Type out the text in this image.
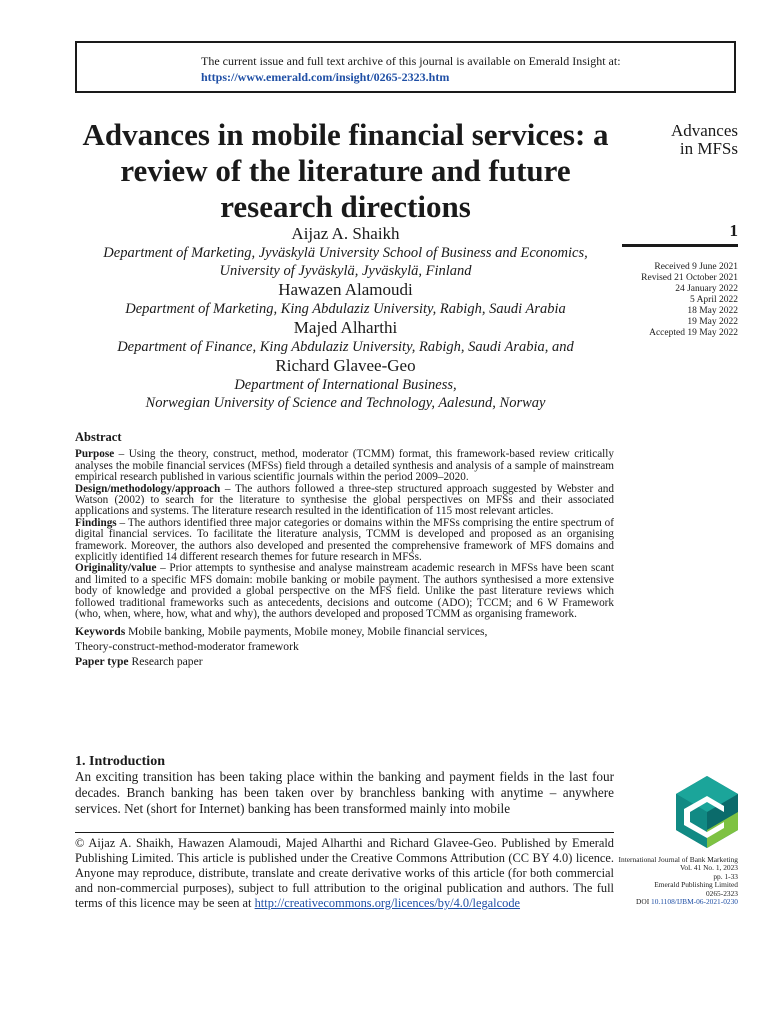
The current issue and full text archive of this journal is available on Emerald Insight at:
https://www.emerald.com/insight/0265-2323.htm
Advances in mobile financial services: a review of the literature and future research directions
Aijaz A. Shaikh
Department of Marketing, Jyväskylä University School of Business and Economics,
University of Jyväskylä, Jyväskylä, Finland
Hawazen Alamoudi
Department of Marketing, King Abdulaziz University, Rabigh, Saudi Arabia
Majed Alharthi
Department of Finance, King Abdulaziz University, Rabigh, Saudi Arabia, and
Richard Glavee-Geo
Department of International Business,
Norwegian University of Science and Technology, Aalesund, Norway
Advances
in MFSs
1
Received 9 June 2021
Revised 21 October 2021
24 January 2022
5 April 2022
18 May 2022
19 May 2022
Accepted 19 May 2022
Abstract

Purpose – Using the theory, construct, method, moderator (TCMM) format, this framework-based review critically analyses the mobile financial services (MFSs) field through a detailed synthesis and analysis of a sample of mainstream empirical research published in various scientific journals within the period 2009–2020.

Design/methodology/approach – The authors followed a three-step structured approach suggested by Webster and Watson (2002) to search for the literature to synthesise the global perspectives on MFSs and their associated applications and systems. The literature research resulted in the identification of 115 most relevant articles.

Findings – The authors identified three major categories or domains within the MFSs comprising the entire spectrum of digital financial services. To facilitate the literature analysis, TCMM is developed and proposed as an organising framework. Moreover, the authors also developed and presented the comprehensive framework of MFS domains and explicitly identified 14 different research themes for future research in MFSs.

Originality/value – Prior attempts to synthesise and analyse mainstream academic research in MFSs have been scant and limited to a specific MFS domain: mobile banking or mobile payment. The authors synthesised a more extensive body of knowledge and provided a global perspective on the MFS field. Unlike the past literature reviews which followed traditional frameworks such as antecedents, decisions and outcome (ADO); TCCM; and 6 W Framework (who, when, where, how, what and why), the authors developed and proposed TCMM as organising framework.

Keywords Mobile banking, Mobile payments, Mobile money, Mobile financial services,
Theory-construct-method-moderator framework

Paper type Research paper

1. Introduction

An exciting transition has been taking place within the banking and payment fields in the last four decades. Branch banking has been taken over by branchless banking with anytime – anywhere services. Net (short for Internet) banking has been transformed mainly into mobile

© Aijaz A. Shaikh, Hawazen Alamoudi, Majed Alharthi and Richard Glavee-Geo. Published by Emerald Publishing Limited. This article is published under the Creative Commons Attribution (CC BY 4.0) licence. Anyone may reproduce, distribute, translate and create derivative works of this article (for both commercial and non-commercial purposes), subject to full attribution to the original publication and authors. The full terms of this licence may be seen at http://creativecommons.org/licences/by/4.0/legalcode
International Journal of Bank Marketing
Vol. 41 No. 1, 2023
pp. 1-33
Emerald Publishing Limited
0265-2323
DOI 10.1108/IJBM-06-2021-0230
